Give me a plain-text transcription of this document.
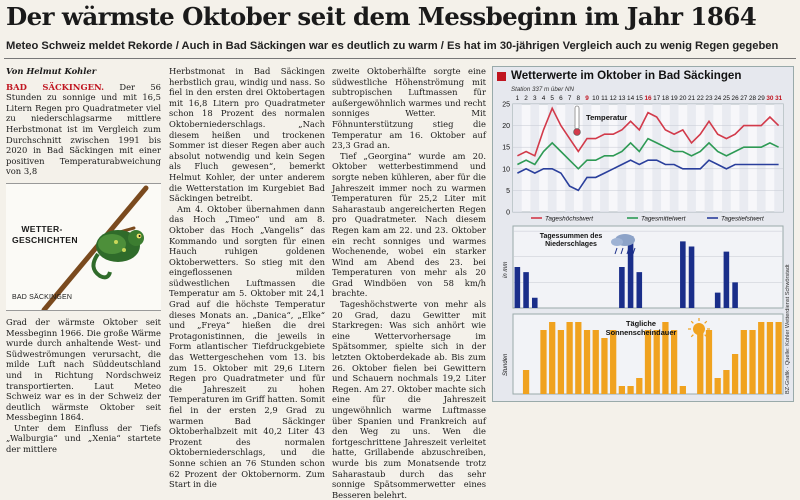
Der wärmste Oktober seit dem Messbeginn im Jahr 1864
Meteo Schweiz meldet Rekorde / Auch in Bad Säckingen war es deutlich zu warm / Es hat im 30-jährigen Vergleich auch zu wenig Regen gegeben
Von Helmut Kohler

BAD SÄCKINGEN. Der 56 Stunden zu sonnige und mit 16,5 Litern Regen pro Quadratmeter viel zu niederschlagsarme mittlere Herbstmonat ist im Vergleich zum Durchschnitt zwischen 1991 bis 2020 in Bad Säckingen mit einer positiven Temperaturabweichung von 3,8

WETTER-GESCHICHTEN
BAD SÄCKINGEN

Grad der wärmste Oktober seit Messbeginn 1966. Die große Wärme wurde durch anhaltende West- und Südweströmungen verursacht, die milde Luft nach Süddeutschland und in Richtung Nordschweiz transportierten. Laut Meteo Schweiz war es in der Schweiz der deutlich wärmste Oktober seit Messbeginn 1864.

Unter dem Einfluss der Tiefs „Walburgia“ und „Xenia“ startete der mittlere

Herbstmonat in Bad Säckingen herbstlich grau, windig und nass. So fiel in den ersten drei Oktobertagen mit 16,8 Litern pro Quadratmeter schon 18 Prozent des normalen Oktoberniederschlags. „Nach diesem heißen und trockenen Sommer ist dieser Regen aber auch absolut notwendig und kein Segen als Fluch gewesen“, bemerkt Helmut Kohler, der unter anderem die Wetterstation im Kurgebiet Bad Säckingen betreibt.

Am 4. Oktober übernahmen dann das Hoch „Timeo“ und am 8. Oktober das Hoch „Vangelis“ das Kommando und sorgten für einen Hauch ruhigen goldenen Oktoberwetters. So stieg mit den eingeflossenen milden südwestlichen Luftmassen die Temperatur am 5. Oktober mit 24,1 Grad auf die höchste Temperatur dieses Monats an. „Danica“, „Elke“ und „Freya“ hießen die drei Protagonistinnen, die jeweils in Form atlantischer Tiefdruckgebiete das Wettergeschehen vom 13. bis zum 15. Oktober mit 29,6 Litern Regen pro Quadratmeter und für die Jahreszeit zu hohen Temperaturen im Griff hatten. Somit fiel in der ersten 2,9 Grad zu warmen Bad Säckinger Oktoberhalbzeit mit 40,2 Liter 43 Prozent des normalen Oktoberniederschlags, und die Sonne schien an 76 Stunden schon 62 Prozent der Oktobernorm. Zum Start in die

zweite Oktoberhälfte sorgte eine südwestliche Höhenströmung mit subtropischen Luftmassen für außergewöhnlich warmes und recht sonniges Wetter. Mit Föhnunterstützung stieg die Temperatur am 16. Oktober auf 23,3 Grad an.

Tief „Georgina“ wurde am 20. Oktober wetterbestimmend und sorgte neben kühleren, aber für die Jahreszeit immer noch zu warmen Temperaturen für 25,2 Liter mit Saharastaub angereicherten Regen pro Quadratmeter. Nach diesem Regen kam am 22. und 23. Oktober ein recht sonniges und warmes Wochenende, wobei ein starker Wind am Abend des 23. bei Temperaturen von mehr als 20 Grad Windböen von 58 km/h brachte.

Tageshöchstwerte von mehr als 20 Grad, dazu Gewitter mit Starkregen: Was sich anhört wie eine Wettervorhersage im Spätsommer, spielte sich in der letzten Oktoberdekade ab. Bis zum 26. Oktober fielen bei Gewittern und Schauern nochmals 19,2 Liter Regen. Am 27. Oktober machte sich eine für die Jahreszeit ungewöhnlich warme Luftmasse über Spanien und Frankreich auf den Weg zu uns. Wen die fortgeschrittene Jahreszeit verleitet hatte, Grillabende abzuschreiben, wurde bis zum Monatsende trotz Saharastaub durch das sehr sonnige Spätsommerwetter eines Besseren belehrt.

Wetterwerte im Oktober in Bad Säckingen
Station 337 m über NN
1 2 3 4 5 6 7 8 9 10 11 12 13 14 15 16 17 18 19 20 21 22 23 24 25 26 27 28 29 30 31
0
5
10
15
20
25
Temperatur
Tageshöchstwert	Tagesmittelwert	Tagestiefstwert
Tagessummen des
Niederschlages
in mm
Tägliche
Sonnenscheindauer
Stunden	BZ-Grafik · Quelle: Kohler Wetterdienst Schwörstadt
